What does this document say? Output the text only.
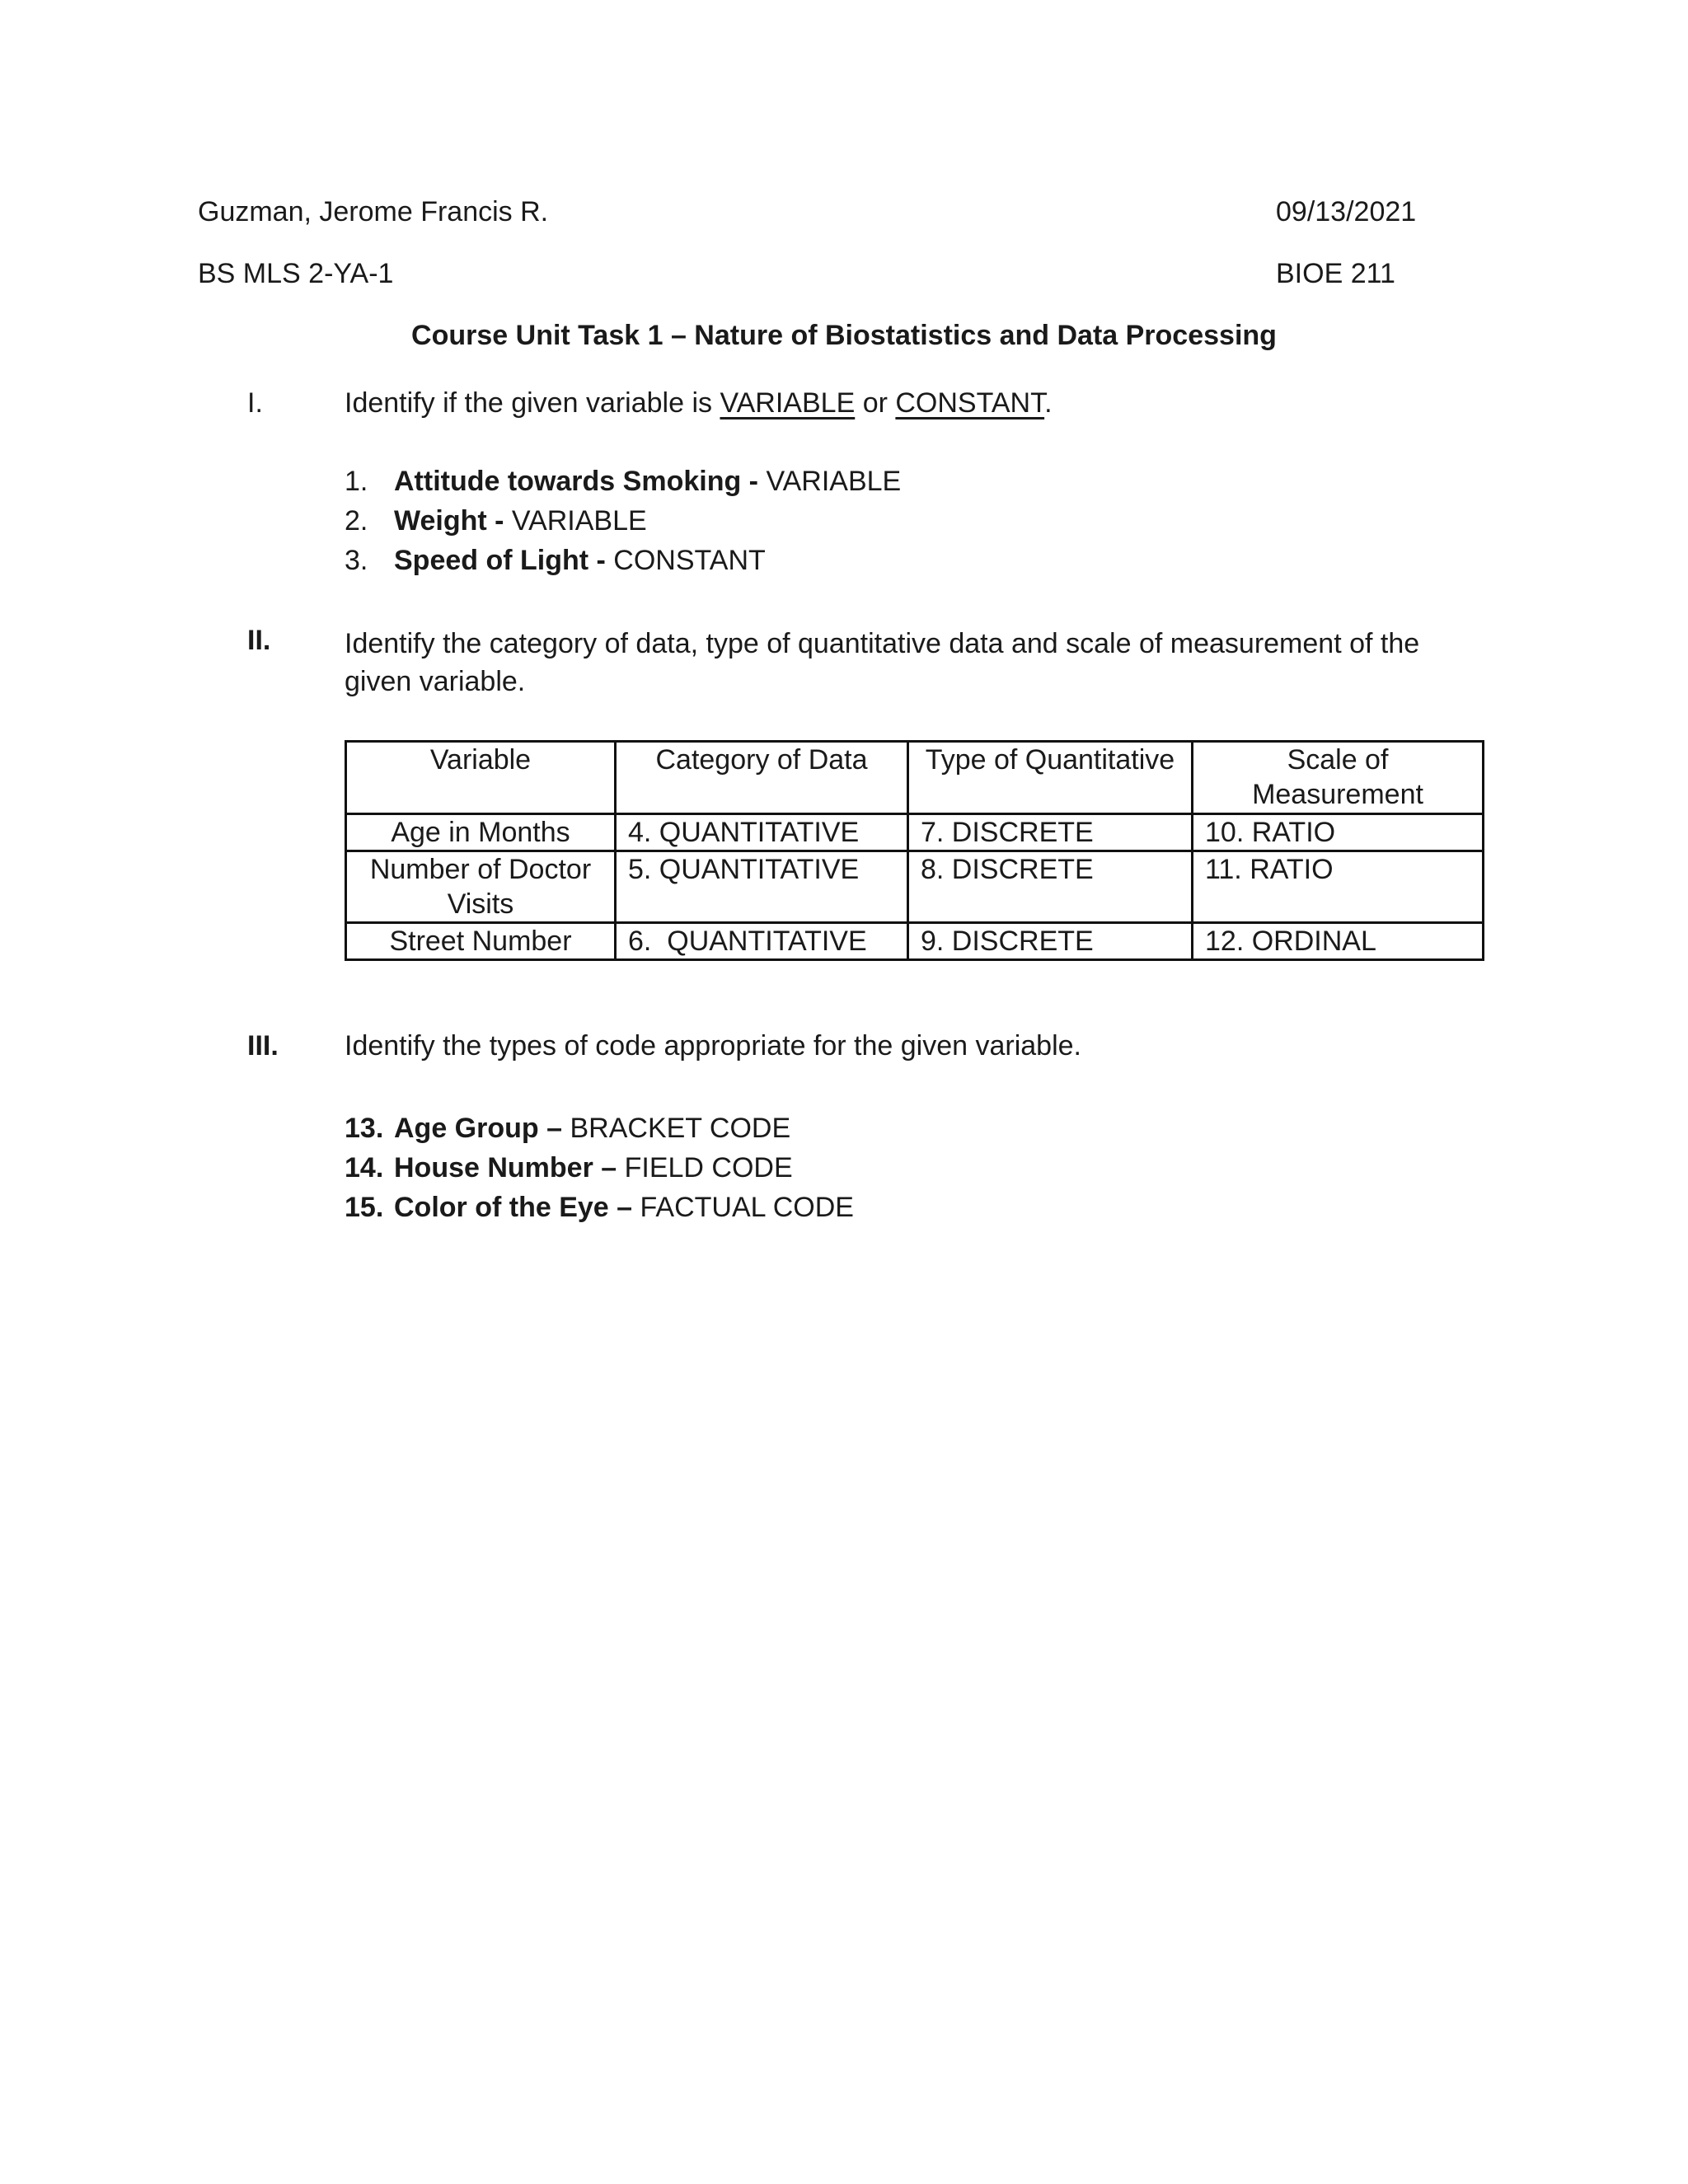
Guzman, Jerome Francis R.	09/13/2021
BS MLS 2-YA-1	BIOE 211
Course Unit Task 1 – Nature of Biostatistics and Data Processing
I.	Identify if the given variable is VARIABLE or CONSTANT.
1. Attitude towards Smoking - VARIABLE
2. Weight - VARIABLE
3. Speed of Light - CONSTANT
II.	Identify the category of data, type of quantitative data and scale of measurement of the given variable.
Variable	Category of Data	Type of Quantitative	Scale of Measurement
Age in Months	4. QUANTITATIVE	7. DISCRETE	10. RATIO
Number of Doctor Visits	5. QUANTITATIVE	8. DISCRETE	11. RATIO
Street Number	6.  QUANTITATIVE	9. DISCRETE	12. ORDINAL
III. Identify the types of code appropriate for the given variable.
13. Age Group – BRACKET CODE
14. House Number – FIELD CODE
15. Color of the Eye – FACTUAL CODE
